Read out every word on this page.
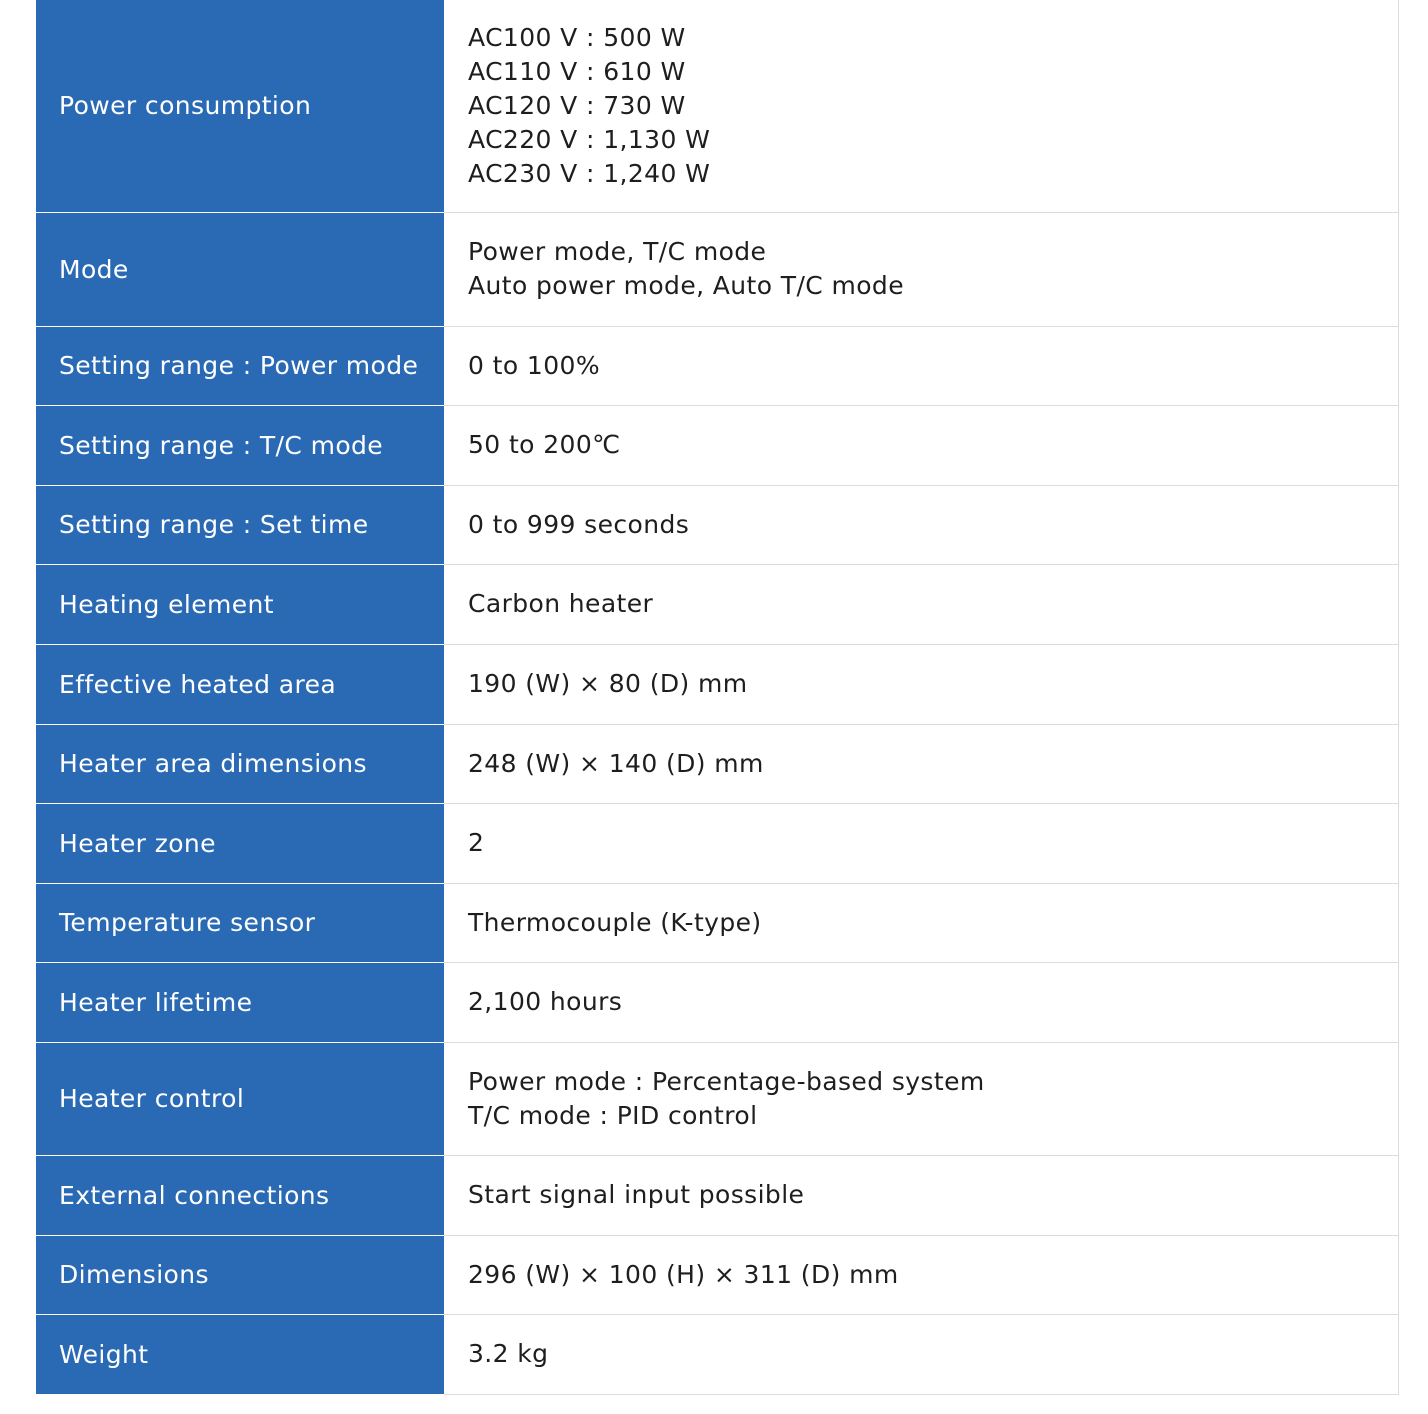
Power consumption	AC100 V : 500 W
AC110 V : 610 W
AC120 V : 730 W
AC220 V : 1,130 W
AC230 V : 1,240 W

Mode	Power mode, T/C mode
Auto power mode, Auto T/C mode

Setting range : Power mode	0 to 100%

Setting range : T/C mode	50 to 200℃

Setting range : Set time	0 to 999 seconds

Heating element	Carbon heater

Effective heated area	190 (W) × 80 (D) mm

Heater area dimensions	248 (W) × 140 (D) mm

Heater zone	2

Temperature sensor	Thermocouple (K-type)

Heater lifetime	2,100 hours

Heater control	Power mode : Percentage-based system
T/C mode : PID control

External connections	Start signal input possible

Dimensions	296 (W) × 100 (H) × 311 (D) mm

Weight	3.2 kg
